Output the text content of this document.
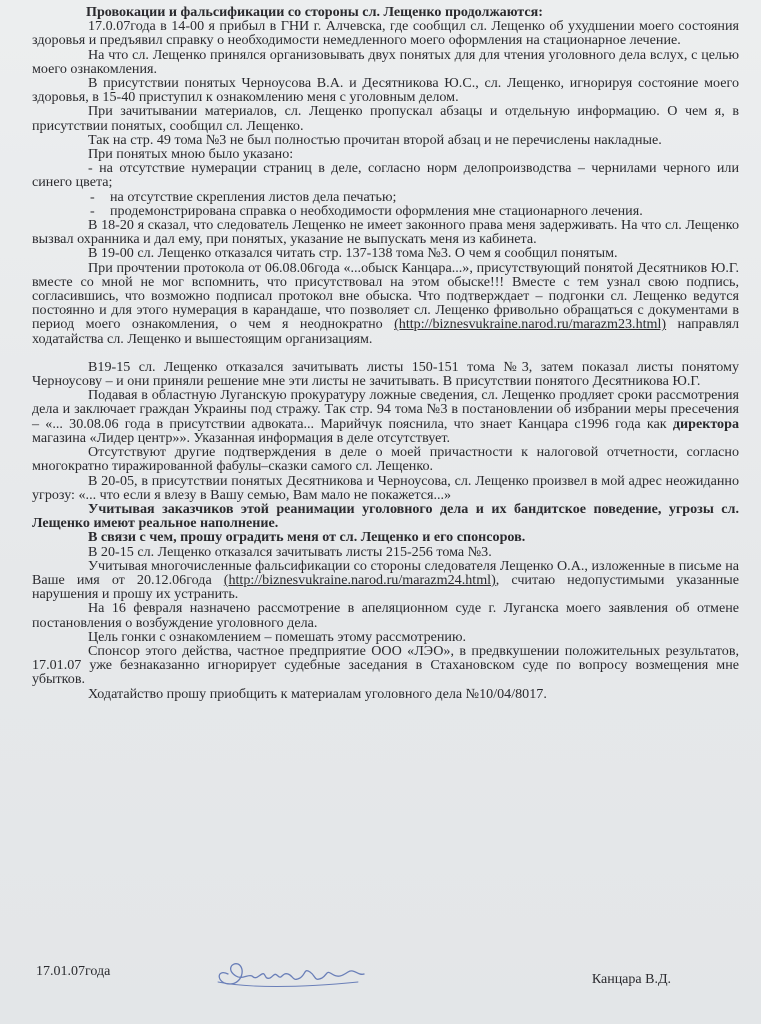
Провокации и фальсификации со стороны сл. Лещенко продолжаются:

17.0.07года в 14-00 я прибыл в ГНИ г. Алчевска, где сообщил сл. Лещенко об ухудшении моего состояния здоровья и предъявил справку о необходимости немедленного моего оформления на стационарное лечение.

На что сл. Лещенко принялся организовывать двух понятых для для чтения уголовного дела вслух, с целью моего ознакомления.

В присутствии понятых Черноусова В.А. и Десятникова Ю.С., сл. Лещенко, игнорируя состояние моего здоровья, в 15-40 приступил к ознакомлению меня с уголовным делом.

При зачитывании материалов, сл. Лещенко пропускал абзацы и отдельную информацию. О чем я, в присутствии понятых, сообщил сл. Лещенко.

Так на стр. 49 тома №3 не был полностью прочитан второй абзац и не перечислены накладные.

При понятых мною было указано:

- на отсутствие нумерации страниц в деле, согласно норм делопроизводства – чернилами черного или синего цвета;

- на отсутствие скрепления листов дела печатью;

- продемонстрирована справка о необходимости оформления мне стационарного лечения.

В 18-20 я сказал, что следователь Лещенко не имеет законного права меня задерживать. На что сл. Лещенко вызвал охранника и дал ему, при понятых, указание не выпускать меня из кабинета.

В 19-00 сл. Лещенко отказался читать стр. 137-138 тома №3. О чем я сообщил понятым.

При прочтении протокола от 06.08.06года «...обыск Канцара...», присутствующий понятой Десятников Ю.Г. вместе со мной не мог вспомнить, что присутствовал на этом обыске!!! Вместе с тем узнал свою подпись, согласившись, что возможно подписал протокол вне обыска. Что подтверждает – подгонки сл. Лещенко ведутся постоянно и для этого нумерация в карандаше, что позволяет сл. Лещенко фривольно обращаться с документами в период моего ознакомления, о чем я неоднократно (http://biznesvukraine.narod.ru/marazm23.html) направлял ходатайства сл. Лещенко и вышестоящим организациям.

В19-15 сл. Лещенко отказался зачитывать листы 150-151 тома №3, затем показал листы понятому Черноусову – и они приняли решение мне эти листы не зачитывать. В присутствии понятого Десятникова Ю.Г.

Подавая в областную Луганскую прокуратуру ложные сведения, сл. Лещенко продляет сроки рассмотрения дела и заключает граждан Украины под стражу. Так стр. 94 тома №3 в постановлении об избрании меры пресечения – «... 30.08.06 года в присутствии адвоката... Марийчук пояснила, что знает Канцара с1996 года как директора магазина «Лидер центр»». Указанная информация в деле отсутствует.

Отсутствуют другие подтверждения в деле о моей причастности к налоговой отчетности, согласно многократно тиражированной фабулы–сказки самого сл. Лещенко.

В 20-05, в присутствии понятых Десятникова и Черноусова, сл. Лещенко произвел в мой адрес неожиданно угрозу: «... что если я влезу в Вашу семью, Вам мало не покажется...»

Учитывая заказчиков этой реанимации уголовного дела и их бандитское поведение, угрозы сл. Лещенко имеют реальное наполнение.

В связи с чем, прошу оградить меня от сл. Лещенко и его спонсоров.

В 20-15 сл. Лещенко отказался зачитывать листы 215-256 тома №3.

Учитывая многочисленные фальсификации со стороны следователя Лещенко О.А., изложенные в письме на Ваше имя от 20.12.06года (http://biznesvukraine.narod.ru/marazm24.html), считаю недопустимыми указанные нарушения и прошу их устранить.

На 16 февраля назначено рассмотрение в апеляционном суде г. Луганска моего заявления об отмене постановления о возбуждение уголовного дела.

Цель гонки с ознакомлением – помешать этому рассмотрению.

Спонсор этого действа, частное предприятие ООО «ЛЭО», в предвкушении положительных результатов, 17.01.07 уже безнаказанно игнорирует судебные заседания в Стахановском суде по вопросу возмещения мне убытков.

Ходатайство прошу приобщить к материалам уголовного дела №10/04/8017.

17.01.07года
Канцара В.Д.
